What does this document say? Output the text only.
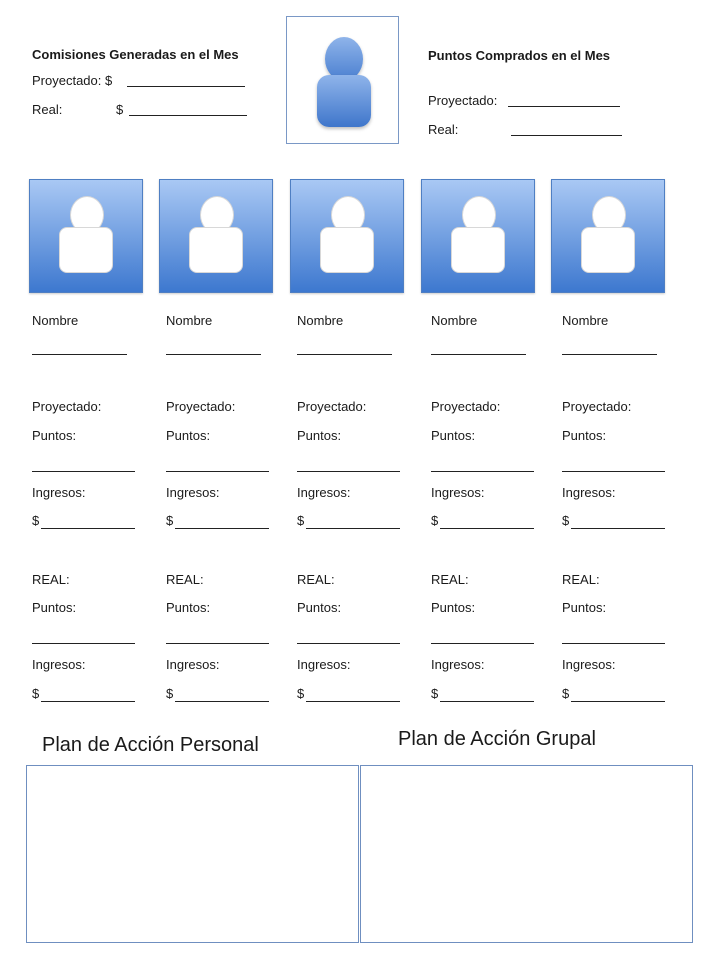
Comisiones Generadas en el Mes
Proyectado: $
Real:	$
Puntos Comprados en el Mes
Proyectado:
Real:
Nombre
Proyectado:
Puntos:
Ingresos:
$
REAL:
Puntos:
Ingresos:
$
Nombre
Proyectado:
Puntos:
Ingresos:
$
REAL:
Puntos:
Ingresos:
$
Nombre
Proyectado:
Puntos:
Ingresos:
$
REAL:
Puntos:
Ingresos:
$
Nombre
Proyectado:
Puntos:
Ingresos:
$
REAL:
Puntos:
Ingresos:
$
Nombre
Proyectado:
Puntos:
Ingresos:
$
REAL:
Puntos:
Ingresos:
$
Plan de Acción Personal	Plan de Acción Grupal
